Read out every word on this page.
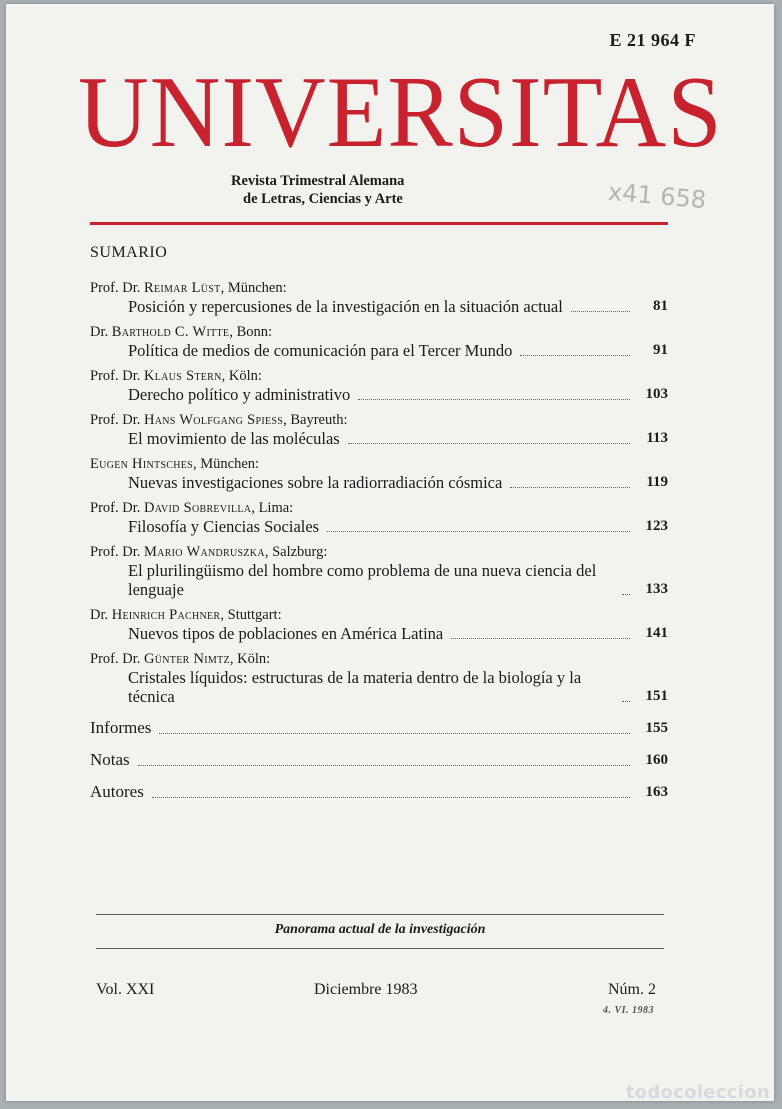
E 21 964 F
UNIVERSITAS
Revista Trimestral Alemana
de Letras, Ciencias y Arte	x41 658
SUMARIO
Prof. Dr. Reimar Lüst, München:
Posición y repercusiones de la investigación en la situación actual	81
Dr. Barthold C. Witte, Bonn:
Política de medios de comunicación para el Tercer Mundo	91
Prof. Dr. Klaus Stern, Köln:
Derecho político y administrativo	103
Prof. Dr. Hans Wolfgang Spiess, Bayreuth:
El movimiento de las moléculas	113
Eugen Hintsches, München:
Nuevas investigaciones sobre la radiorradiación cósmica	119
Prof. Dr. David Sobrevilla, Lima:
Filosofía y Ciencias Sociales	123
Prof. Dr. Mario Wandruszka, Salzburg:
El plurilingüismo del hombre como problema de una nueva ciencia del lenguaje	133
Dr. Heinrich Pachner, Stuttgart:
Nuevos tipos de poblaciones en América Latina	141
Prof. Dr. Günter Nimtz, Köln:
Cristales líquidos: estructuras de la materia dentro de la biología y la técnica	151
Informes	155
Notas	160
Autores	163
Panorama actual de la investigación
Vol. XXI	Diciembre 1983	Núm. 2
4. VI. 1983
todocoleccion
